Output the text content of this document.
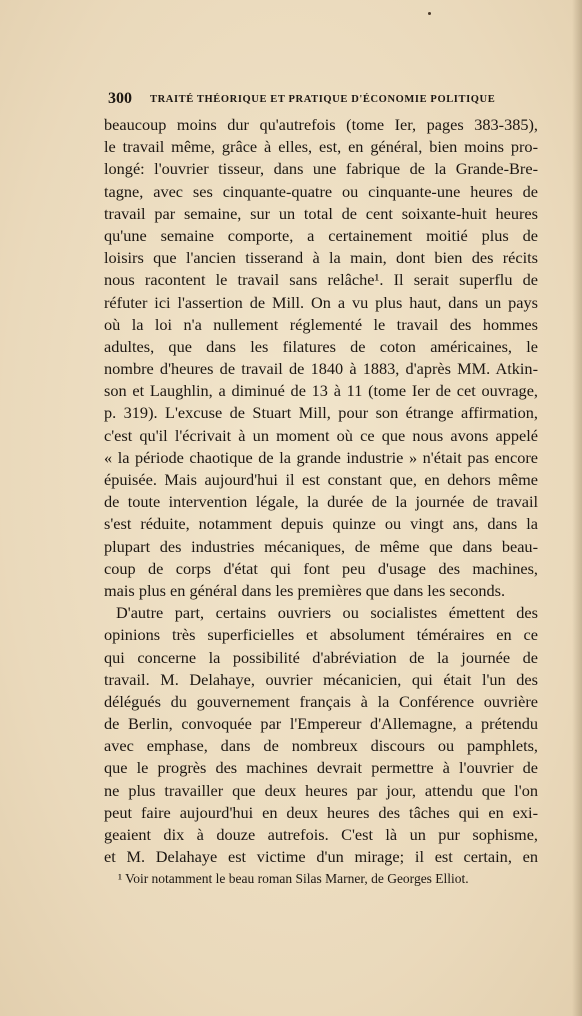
300 TRAITÉ THÉORIQUE ET PRATIQUE D'ÉCONOMIE POLITIQUE
beaucoup moins dur qu'autrefois (tome Ier, pages 383-385),
le travail même, grâce à elles, est, en général, bien moins pro-
longé: l'ouvrier tisseur, dans une fabrique de la Grande-Bre-
tagne, avec ses cinquante-quatre ou cinquante-une heures de
travail par semaine, sur un total de cent soixante-huit heures
qu'une semaine comporte, a certainement moitié plus de
loisirs que l'ancien tisserand à la main, dont bien des récits
nous racontent le travail sans relâche¹. Il serait superflu de
réfuter ici l'assertion de Mill. On a vu plus haut, dans un pays
où la loi n'a nullement réglementé le travail des hommes
adultes, que dans les filatures de coton américaines, le
nombre d'heures de travail de 1840 à 1883, d'après MM. Atkin-
son et Laughlin, a diminué de 13 à 11 (tome Ier de cet ouvrage,
p. 319). L'excuse de Stuart Mill, pour son étrange affirmation,
c'est qu'il l'écrivait à un moment où ce que nous avons appelé
« la période chaotique de la grande industrie » n'était pas encore
épuisée. Mais aujourd'hui il est constant que, en dehors même
de toute intervention légale, la durée de la journée de travail
s'est réduite, notamment depuis quinze ou vingt ans, dans la
plupart des industries mécaniques, de même que dans beau-
coup de corps d'état qui font peu d'usage des machines,
mais plus en général dans les premières que dans les seconds.
D'autre part, certains ouvriers ou socialistes émettent des
opinions très superficielles et absolument téméraires en ce
qui concerne la possibilité d'abréviation de la journée de
travail. M. Delahaye, ouvrier mécanicien, qui était l'un des
délégués du gouvernement français à la Conférence ouvrière
de Berlin, convoquée par l'Empereur d'Allemagne, a prétendu
avec emphase, dans de nombreux discours ou pamphlets,
que le progrès des machines devrait permettre à l'ouvrier de
ne plus travailler que deux heures par jour, attendu que l'on
peut faire aujourd'hui en deux heures des tâches qui en exi-
geaient dix à douze autrefois. C'est là un pur sophisme,
et M. Delahaye est victime d'un mirage; il est certain, en
¹ Voir notamment le beau roman Silas Marner, de Georges Elliot.
